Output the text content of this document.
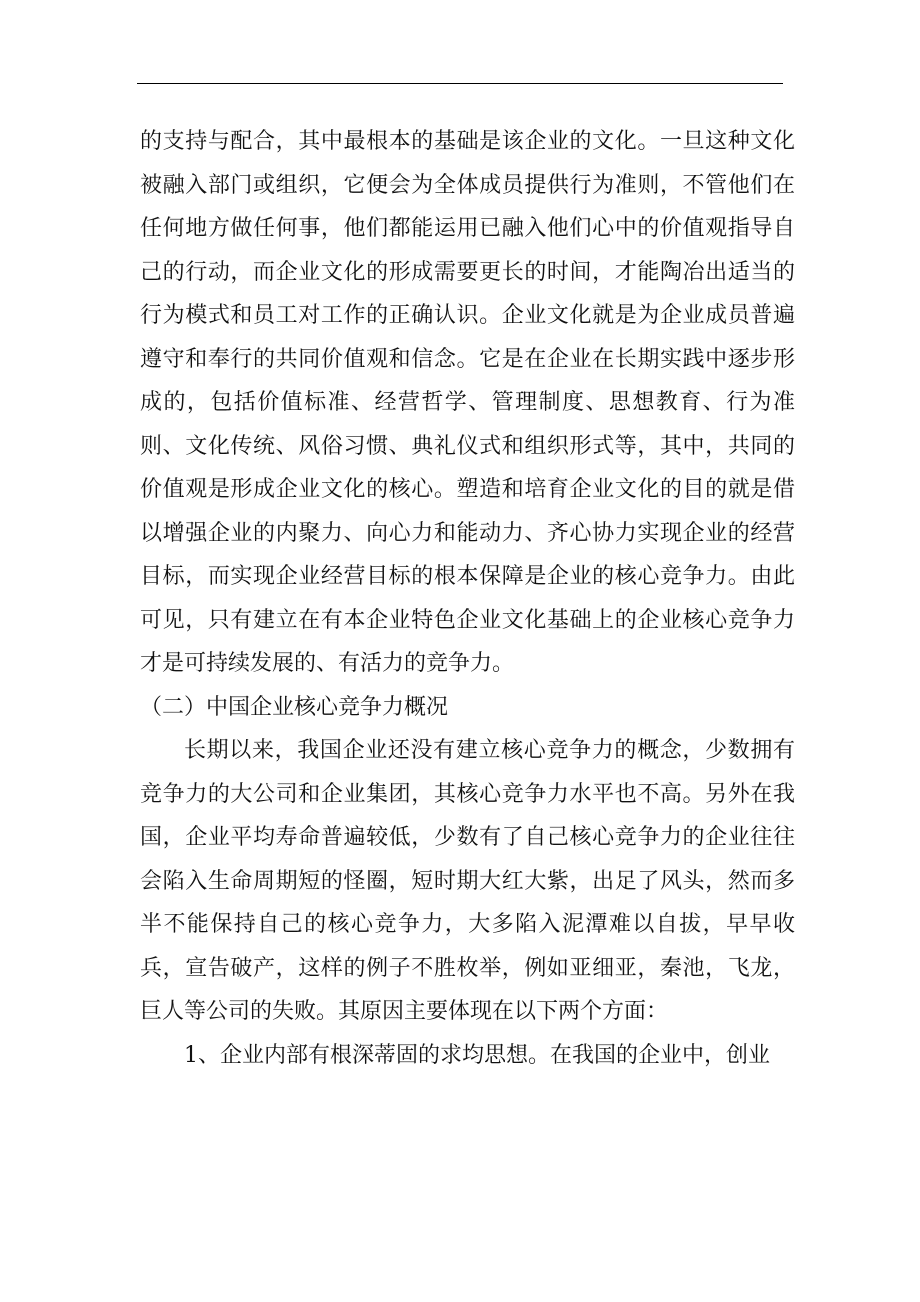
的支持与配合，其中最根本的基础是该企业的文化。一旦这种文化被融入部门或组织，它便会为全体成员提供行为准则，不管他们在任何地方做任何事，他们都能运用已融入他们心中的价值观指导自己的行动，而企业文化的形成需要更长的时间，才能陶冶出适当的行为模式和员工对工作的正确认识。企业文化就是为企业成员普遍遵守和奉行的共同价值观和信念。它是在企业在长期实践中逐步形成的，包括价值标准、经营哲学、管理制度、思想教育、行为准则、文化传统、风俗习惯、典礼仪式和组织形式等，其中，共同的价值观是形成企业文化的核心。塑造和培育企业文化的目的就是借以增强企业的内聚力、向心力和能动力、齐心协力实现企业的经营目标，而实现企业经营目标的根本保障是企业的核心竞争力。由此可见，只有建立在有本企业特色企业文化基础上的企业核心竞争力才是可持续发展的、有活力的竞争力。

（二）中国企业核心竞争力概况

长期以来，我国企业还没有建立核心竞争力的概念，少数拥有竞争力的大公司和企业集团，其核心竞争力水平也不高。另外在我国，企业平均寿命普遍较低，少数有了自己核心竞争力的企业往往会陷入生命周期短的怪圈，短时期大红大紫，出足了风头，然而多半不能保持自己的核心竞争力，大多陷入泥潭难以自拔，早早收兵，宣告破产，这样的例子不胜枚举，例如亚细亚，秦池，飞龙，巨人等公司的失败。其原因主要体现在以下两个方面：

1、企业内部有根深蒂固的求均思想。在我国的企业中，创业
